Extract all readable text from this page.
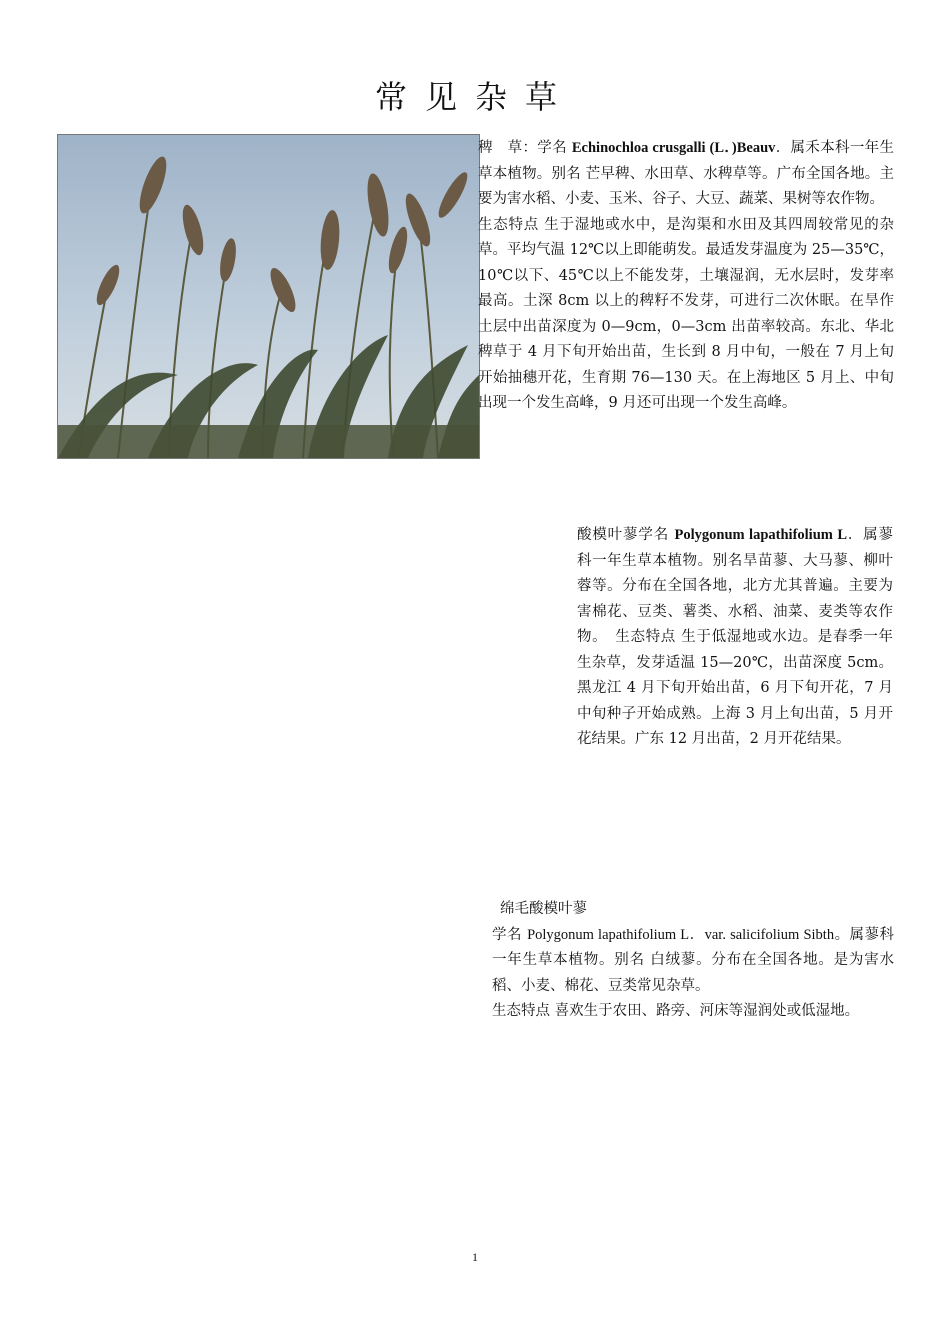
常见杂草

稗　草：学名 Echinochloa crusgalli (L．)Beauv．属禾本科一年生草本植物。别名 芒早稗、水田草、水稗草等。广布全国各地。主要为害水稻、小麦、玉米、谷子、大豆、蔬菜、果树等农作物。

生态特点 生于湿地或水中，是沟渠和水田及其四周较常见的杂草。平均气温 12℃以上即能萌发。最适发芽温度为 25—35℃，10℃以下、45℃以上不能发芽，土壤湿润，无水层时，发芽率最高。土深 8cm 以上的稗籽不发芽，可进行二次休眠。在旱作土层中出苗深度为 0—9cm，0—3cm 出苗率较高。东北、华北稗草于 4 月下旬开始出苗，生长到 8 月中旬，一般在 7 月上旬开始抽穗开花，生育期 76—130 天。在上海地区 5 月上、中旬出现一个发生高峰，9 月还可出现一个发生高峰。

酸模叶蓼学名 Polygonum lapathifolium L．属蓼科一年生草本植物。别名旱苗蓼、大马蓼、柳叶蓉等。分布在全国各地，北方尤其普遍。主要为害棉花、豆类、薯类、水稻、油菜、麦类等农作物。　生态特点 生于低湿地或水边。是春季一年生杂草，发芽适温 15—20℃，出苗深度 5cm。黑龙江 4 月下旬开始出苗，6 月下旬开花，7 月中旬种子开始成熟。上海 3 月上旬出苗，5 月开花结果。广东 12 月出苗，2 月开花结果。

绵毛酸模叶蓼

学名 Polygonum lapathifolium L．var. salicifolium Sibth。属蓼科一年生草本植物。别名 白绒蓼。分布在全国各地。是为害水稻、小麦、棉花、豆类常见杂草。

生态特点 喜欢生于农田、路旁、河床等湿润处或低湿地。

1
